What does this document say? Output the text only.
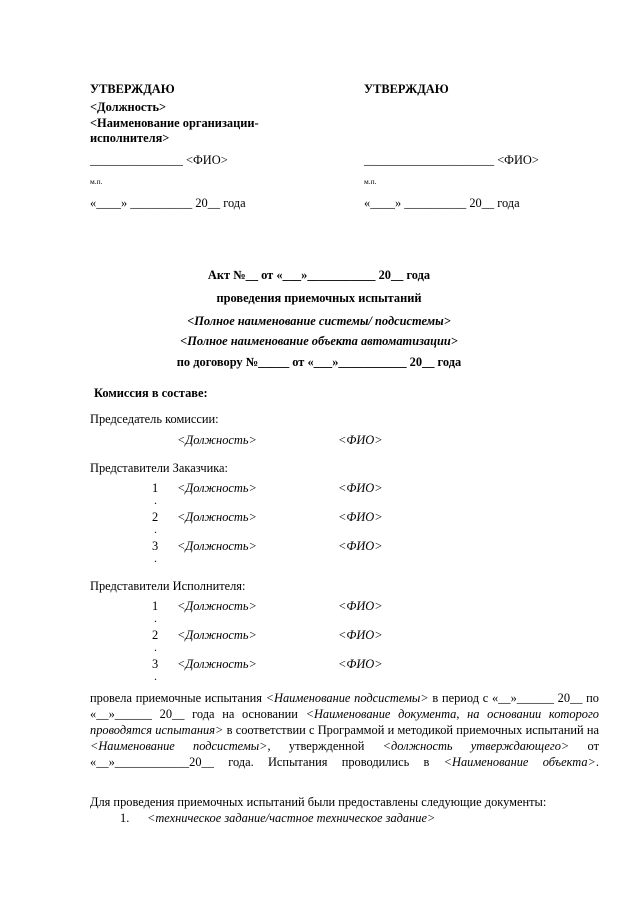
УТВЕРЖДАЮ
<Должность>
<Наименование организации-
исполнителя>
_______________ <ФИО>
м.п.
«____» __________ 20__ года
УТВЕРЖДАЮ
_____________________ <ФИО>
м.п.
«____» __________ 20__ года
Акт №__ от «___»___________ 20__ года
проведения приемочных испытаний
<Полное наименование системы/ подсистемы>
<Полное наименование объекта автоматизации>
по договору №_____ от «___»___________ 20__ года
Комиссия в составе:
Председатель комиссии:
<Должность>	<ФИО>
Представители Заказчика:
1
.
<Должность>	<ФИО>
2
.
<Должность>	<ФИО>
3
.
<Должность>	<ФИО>
Представители Исполнителя:
1
.
<Должность>	<ФИО>
2
.
<Должность>	<ФИО>
3
.
<Должность>	<ФИО>
провела приемочные испытания <Наименование подсистемы> в период с «__»______ 20__ по «__»______ 20__ года на основании <Наименование документа, на основании которого проводятся испытания> в соответствии с Программой и методикой приемочных испытаний на <Наименование подсистемы>, утвержденной <должность утверждающего> от «__»____________20__ года. Испытания проводились в <Наименование объекта>.
Для проведения приемочных испытаний были предоставлены следующие документы:
1. <техническое задание/частное техническое задание>
